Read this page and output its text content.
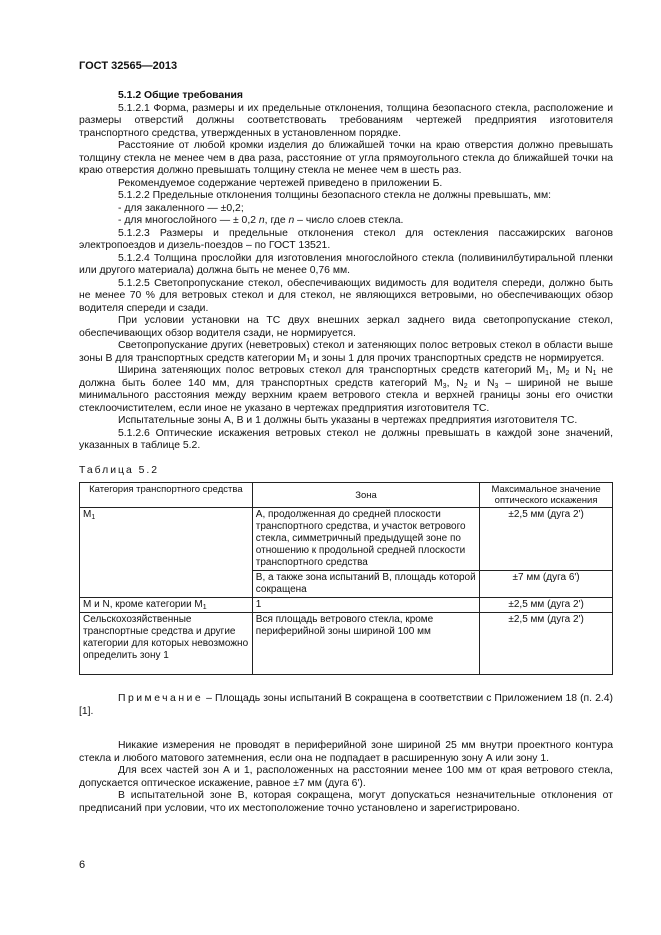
ГОСТ 32565—2013
5.1.2 Общие требования

5.1.2.1 Форма, размеры и их предельные отклонения, толщина безопасного стекла, расположение и размеры отверстий должны соответствовать требованиям чертежей предприятия изготовителя транспортного средства, утвержденных в установленном порядке.

Расстояние от любой кромки изделия до ближайшей точки на краю отверстия должно превышать толщину стекла не менее чем в два раза, расстояние от угла прямоугольного стекла до ближайшей точки на краю отверстия должно превышать толщину стекла не менее чем в шесть раз.

Рекомендуемое содержание чертежей приведено в приложении Б.

5.1.2.2 Предельные отклонения толщины безопасного стекла не должны превышать, мм:

- для закаленного — ±0,2;

- для многослойного — ± 0,2 n, где n – число слоев стекла.

5.1.2.3 Размеры и предельные отклонения стекол для остекления пассажирских вагонов электропоездов и дизель-поездов – по ГОСТ 13521.

5.1.2.4 Толщина прослойки для изготовления многослойного стекла (поливинилбутиральной пленки или другого материала) должна быть не менее 0,76 мм.

5.1.2.5 Светопропускание стекол, обеспечивающих видимость для водителя спереди, должно быть не менее 70 % для ветровых стекол и для стекол, не являющихся ветровыми, но обеспечивающих обзор водителя спереди и сзади.

При условии установки на ТС двух внешних зеркал заднего вида светопропускание стекол, обеспечивающих обзор водителя сзади, не нормируется.

Светопропускание других (неветровых) стекол и затеняющих полос ветровых стекол в области выше зоны B для транспортных средств категории $M_1$ и зоны 1 для прочих транспортных средств не нормируется.

Ширина затеняющих полос ветровых стекол для транспортных средств категорий $M_1$, $M_2$ и $N_1$ не должна быть более 140 мм, для транспортных средств категорий $M_3$, $N_2$ и $N_3$ – шириной не выше минимального расстояния между верхним краем ветрового стекла и верхней границы зоны его очистки стеклоочистителем, если иное не указано в чертежах предприятия изготовителя ТС.

Испытательные зоны А, В и 1 должны быть указаны в чертежах предприятия изготовителя ТС.

5.1.2.6 Оптические искажения ветровых стекол не должны превышать в каждой зоне значений, указанных в таблице 5.2.

Таблица 5.2

Категория транспортного средства	Зона	Максимальное значение оптического искажения
$M_1$	А, продолженная до средней плоскости транспортного средства, и участок ветрового стекла, симметричный предыдущей зоне по отношению к продольной средней плоскости транспортного средства	±2,5 мм (дуга 2')
	В, а также зона испытаний В, площадь которой сокращена	±7 мм (дуга 6')
M и N, кроме категории $M_1$	1	±2,5 мм (дуга 2')
Сельскохозяйственные транспортные средства и другие категории для которых невозможно определить зону 1	Вся площадь ветрового стекла, кроме периферийной зоны шириной 100 мм	±2,5 мм (дуга 2')

Примечание – Площадь зоны испытаний В сокращена в соответствии с Приложением 18 (п. 2.4) [1].

Никакие измерения не проводят в периферийной зоне шириной 25 мм внутри проектного контура стекла и любого матового затемнения, если она не подпадает в расширенную зону А или зону 1.

Для всех частей зон А и 1, расположенных на расстоянии менее 100 мм от края ветрового стекла, допускается оптическое искажение, равное ±7 мм (дуга 6').

В испытательной зоне В, которая сокращена, могут допускаться незначительные отклонения от предписаний при условии, что их местоположение точно установлено и зарегистрировано.

6
